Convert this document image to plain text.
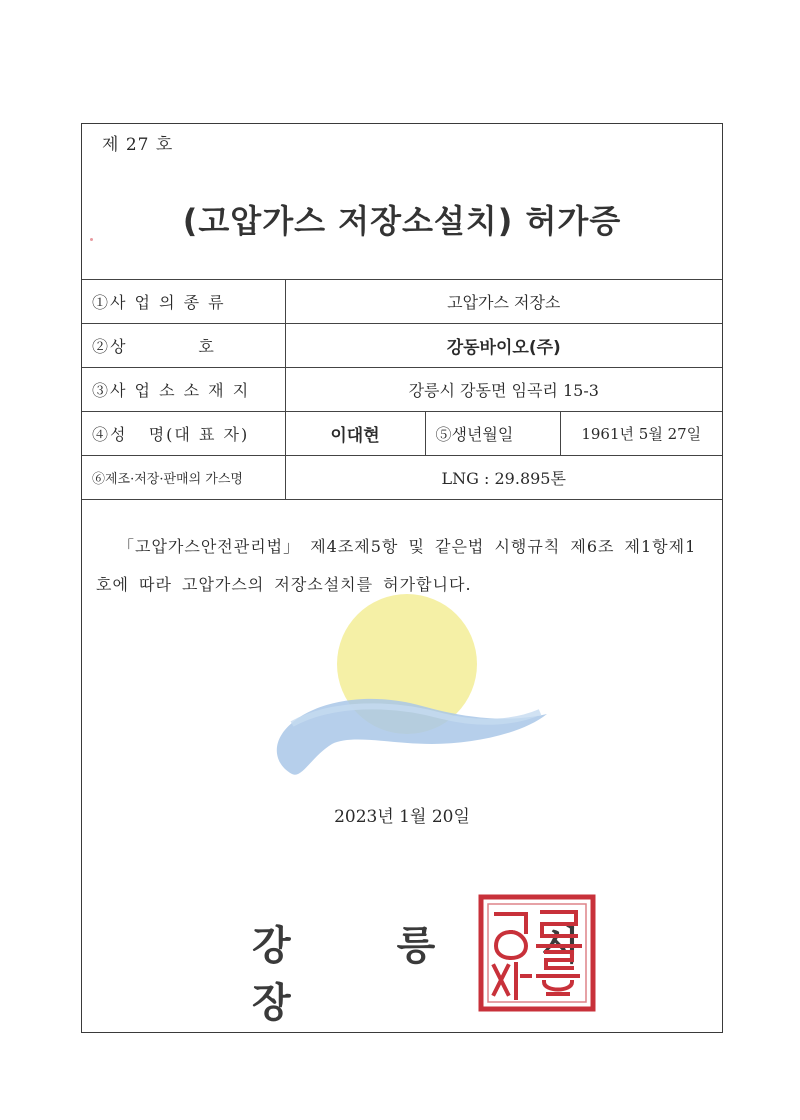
제 27 호
(고압가스 저장소설치) 허가증
①사 업 의 종 류	고압가스 저장소		
②상          호	강동바이오(주)		
③사 업 소 소 재 지	강릉시 강동면 임곡리 15-3		
④성   명(대 표 자)	이대현	⑤생년월일	1961년 5월 27일
⑥제조·저장·판매의 가스명	LNG : 29.895톤		
「고압가스안전관리법」 제4조제5항 및 같은법 시행규칙 제6조 제1항제1호에 따라 고압가스의 저장소설치를 허가합니다.
2023년 1월 20일
강 릉 시 장
